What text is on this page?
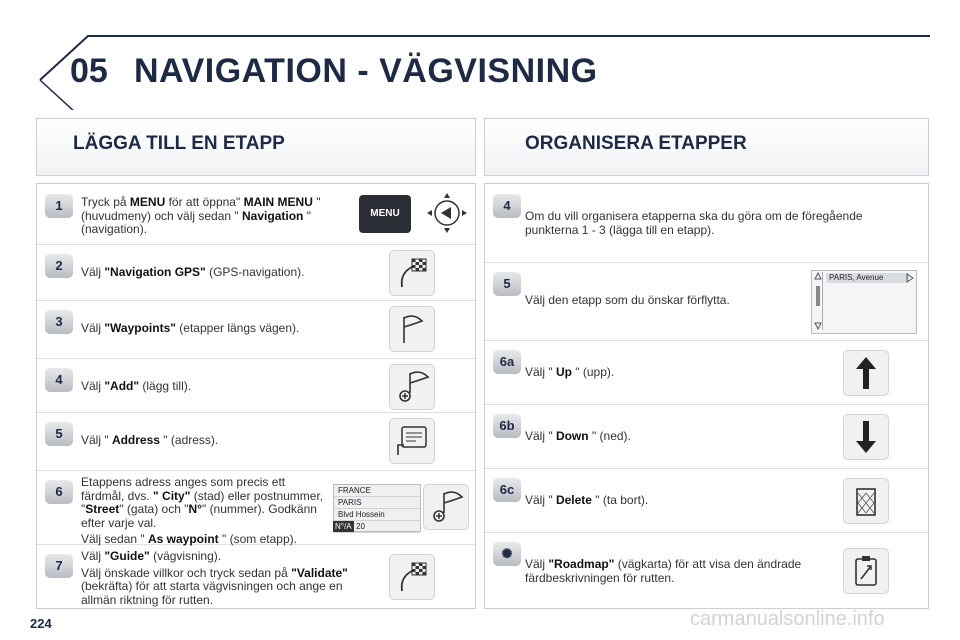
05 NAVIGATION - VÄGVISNING
LÄGGA TILL EN ETAPP	ORGANISERA ETAPPER
1	Tryck på MENU för att öppna" MAIN MENU " (huvudmeny) och välj sedan " Navigation " (navigation).
MENU
2	Välj "Navigation GPS" (GPS-navigation).
3	Välj "Waypoints" (etapper längs vägen).
4	Välj "Add" (lägg till).
5	Välj " Address " (adress).
6
Etappens adress anges som precis ett färdmål, dvs. " City" (stad) eller postnummer, "Street" (gata) och "N°" (nummer). Godkänn efter varje val.
Välj sedan " As waypoint " (som etapp).
FRANCE
PARIS
Blvd Hossein
N°/A 20
7
Välj "Guide" (vägvisning).
Välj önskade villkor och tryck sedan på "Validate" (bekräfta) för att starta vägvisningen och ange en allmän riktning för rutten.
4
Om du vill organisera etapperna ska du göra om de föregående punkterna 1 - 3 (lägga till en etapp).
5
Välj den etapp som du önskar förflytta.
PARIS, Avenue
6a
Välj " Up " (upp).
6b
Välj " Down " (ned).
6c
Välj " Delete " (ta bort).
✺
Välj "Roadmap" (vägkarta) för att visa den ändrade färdbeskrivningen för rutten.
224	carmanualsonline.info
